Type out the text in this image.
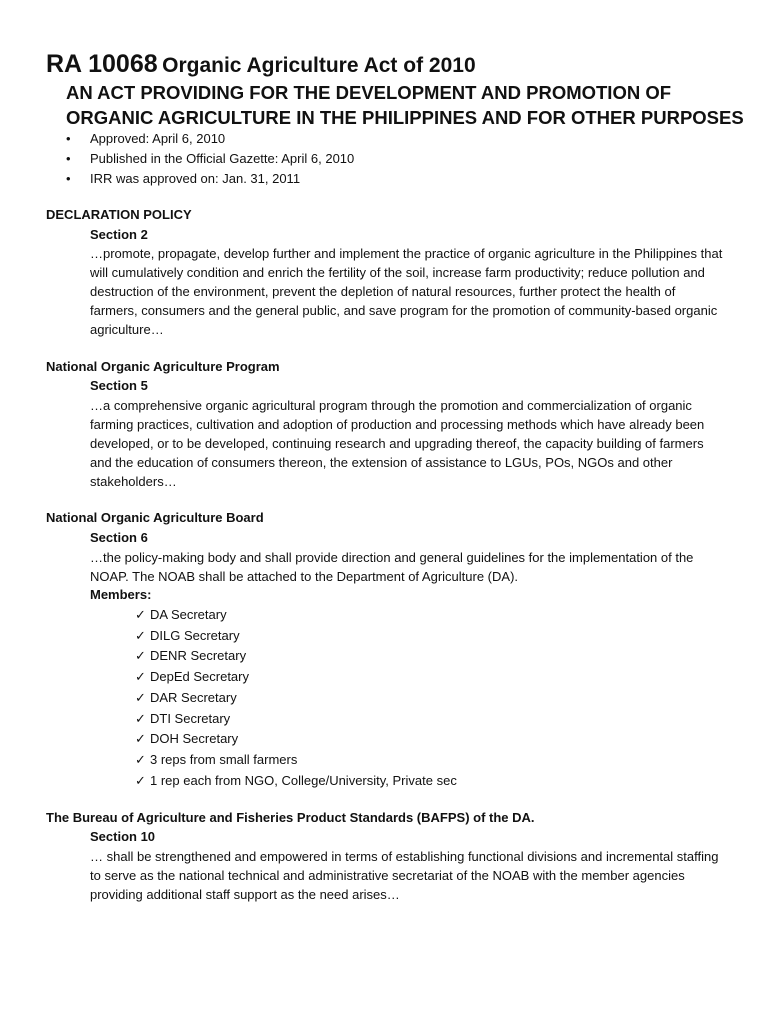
RA 10068 Organic Agriculture Act of 2010
AN ACT PROVIDING FOR THE DEVELOPMENT AND PROMOTION OF ORGANIC AGRICULTURE IN THE PHILIPPINES AND FOR OTHER PURPOSES
• Approved: April 6, 2010
• Published in the Official Gazette: April 6, 2010
• IRR was approved on: Jan. 31, 2011
DECLARATION POLICY
Section 2
…promote, propagate, develop further and implement the practice of organic agriculture in the Philippines that will cumulatively condition and enrich the fertility of the soil, increase farm productivity; reduce pollution and destruction of the environment, prevent the depletion of natural resources, further protect the health of farmers, consumers and the general public, and save program for the promotion of community-based organic agriculture…
National Organic Agriculture Program
Section 5
…a comprehensive organic agricultural program through the promotion and commercialization of organic farming practices, cultivation and adoption of production and processing methods which have already been developed, or to be developed, continuing research and upgrading thereof, the capacity building of farmers and the education of consumers thereon, the extension of assistance to LGUs, POs, NGOs and other stakeholders…
National Organic Agriculture Board
Section 6
…the policy-making body and shall provide direction and general guidelines for the implementation of the NOAP. The NOAB shall be attached to the Department of Agriculture (DA).
Members:
✓ DA Secretary
✓ DILG Secretary
✓ DENR Secretary
✓ DepEd Secretary
✓ DAR Secretary
✓ DTI Secretary
✓ DOH Secretary
✓ 3 reps from small farmers
✓ 1 rep each from NGO, College/University, Private sec
The Bureau of Agriculture and Fisheries Product Standards (BAFPS) of the DA.
Section 10
… shall be strengthened and empowered in terms of establishing functional divisions and incremental staffing to serve as the national technical and administrative secretariat of the NOAB with the member agencies providing additional staff support as the need arises…
